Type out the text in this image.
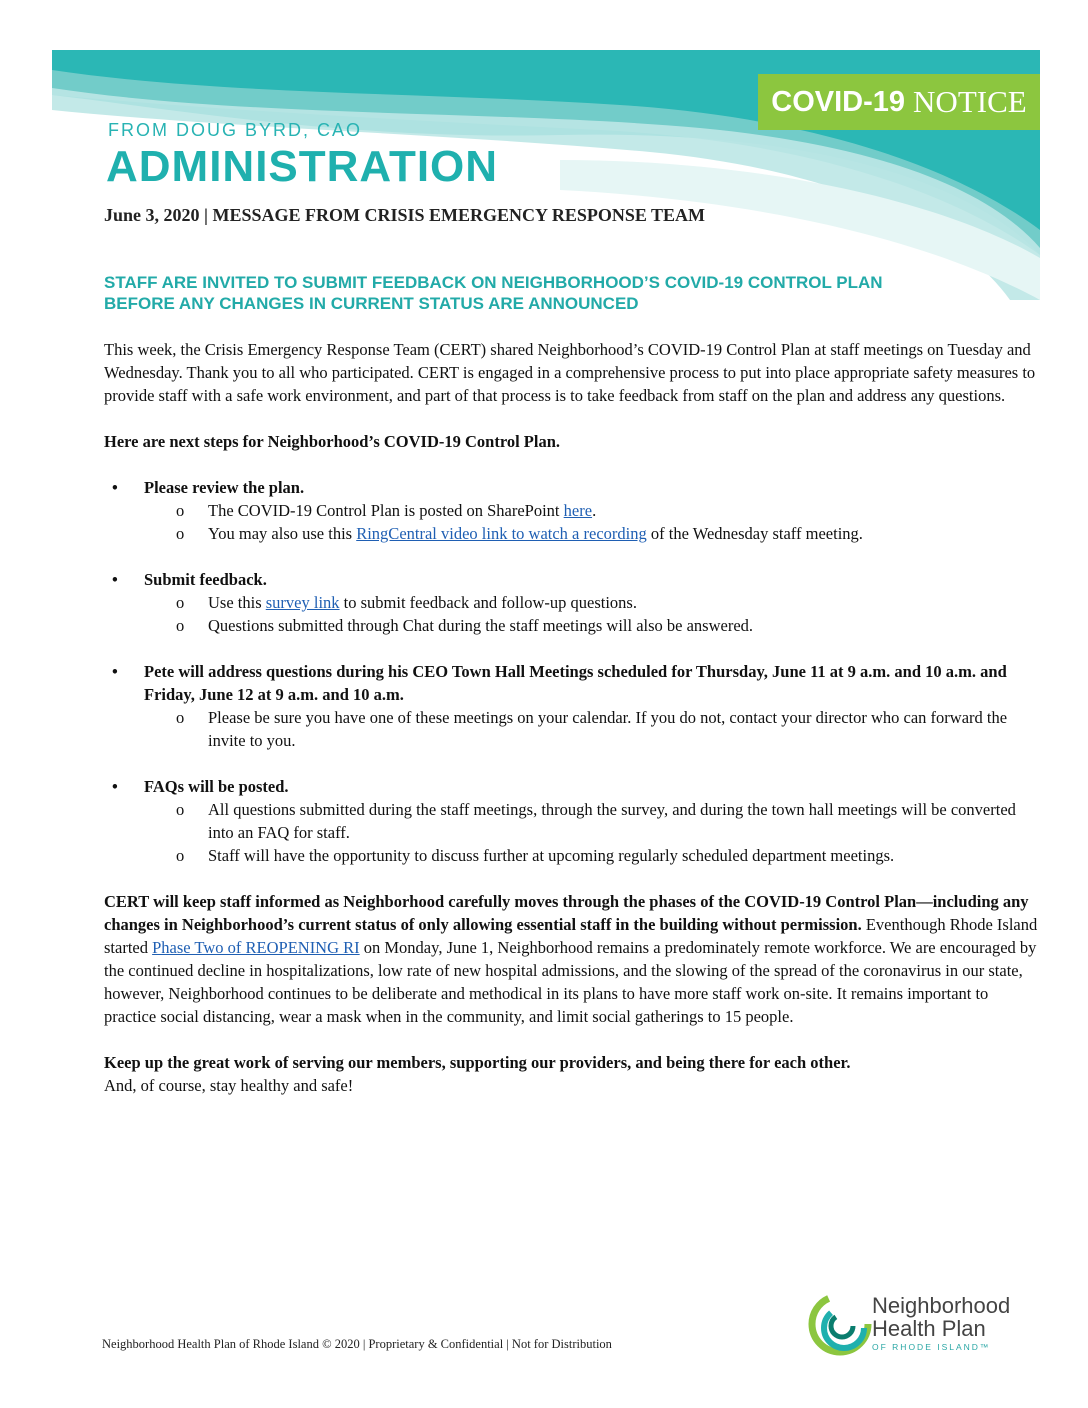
COVID-19 NOTICE
FROM DOUG BYRD, CAO
ADMINISTRATION
June 3, 2020 | MESSAGE FROM CRISIS EMERGENCY RESPONSE TEAM
STAFF ARE INVITED TO SUBMIT FEEDBACK ON NEIGHBORHOOD’S COVID-19 CONTROL PLAN
BEFORE ANY CHANGES IN CURRENT STATUS ARE ANNOUNCED

This week, the Crisis Emergency Response Team (CERT) shared Neighborhood’s COVID-19 Control Plan at staff meetings on Tuesday and Wednesday. Thank you to all who participated. CERT is engaged in a comprehensive process to put into place appropriate safety measures to provide staff with a safe work environment, and part of that process is to take feedback from staff on the plan and address any questions.

Here are next steps for Neighborhood’s COVID-19 Control Plan.

• Please review the plan.
o The COVID-19 Control Plan is posted on SharePoint here.
o You may also use this RingCentral video link to watch a recording of the Wednesday staff meeting.
• Submit feedback.
o Use this survey link to submit feedback and follow-up questions.
o Questions submitted through Chat during the staff meetings will also be answered.
• Pete will address questions during his CEO Town Hall Meetings scheduled for Thursday, June 11 at 9 a.m. and 10 a.m. and Friday, June 12 at 9 a.m. and 10 a.m.
o Please be sure you have one of these meetings on your calendar. If you do not, contact your director who can forward the invite to you.
• FAQs will be posted.
o All questions submitted during the staff meetings, through the survey, and during the town hall meetings will be converted into an FAQ for staff.
o Staff will have the opportunity to discuss further at upcoming regularly scheduled department meetings.

CERT will keep staff informed as Neighborhood carefully moves through the phases of the COVID-19 Control Plan—including any changes in Neighborhood’s current status of only allowing essential staff in the building without permission. Eventhough Rhode Island started Phase Two of REOPENING RI on Monday, June 1, Neighborhood remains a predominately remote workforce. We are encouraged by the continued decline in hospitalizations, low rate of new hospital admissions, and the slowing of the spread of the coronavirus in our state, however, Neighborhood continues to be deliberate and methodical in its plans to have more staff work on-site. It remains important to practice social distancing, wear a mask when in the community, and limit social gatherings to 15 people.

Keep up the great work of serving our members, supporting our providers, and being there for each other.

And, of course, stay healthy and safe!

Neighborhood Health Plan of Rhode Island © 2020 | Proprietary & Confidential | Not for Distribution
Neighborhood
Health Plan
OF RHODE ISLAND™
